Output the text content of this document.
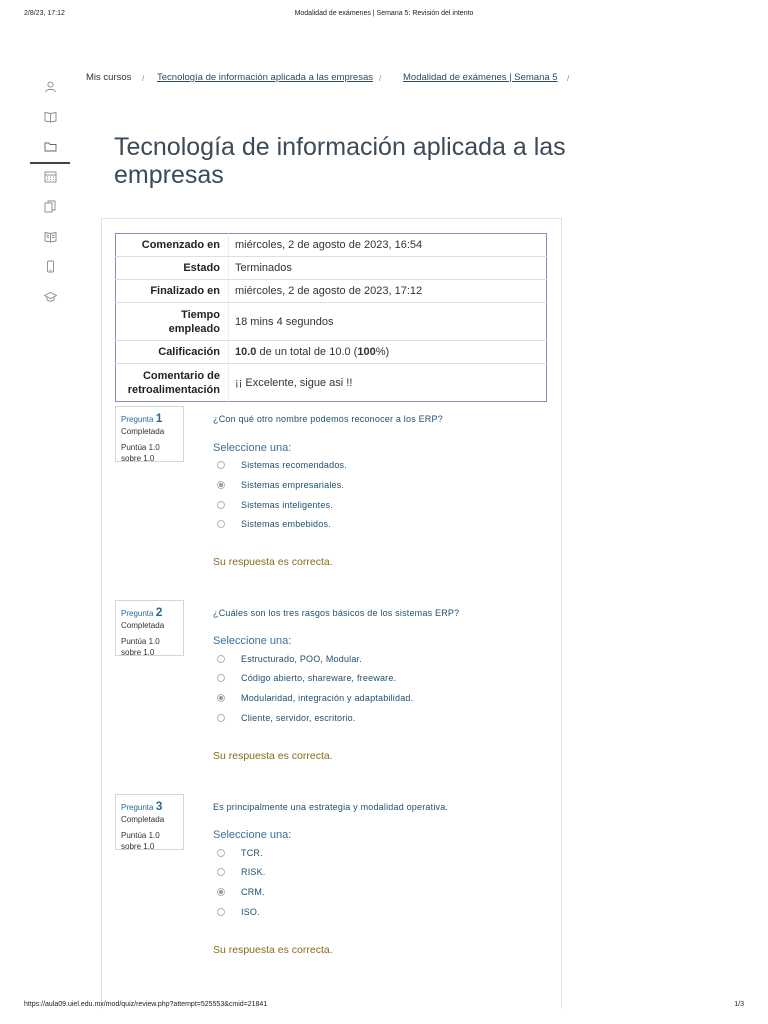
2/8/23, 17:12	Modalidad de exámenes | Semana 5: Revisión del intento
Mis cursos / Tecnología de información aplicada a las empresas / Modalidad de exámenes | Semana 5 /
Tecnología de información aplicada a las empresas
Comenzado en	miércoles, 2 de agosto de 2023, 16:54
Estado	Terminados
Finalizado en	miércoles, 2 de agosto de 2023, 17:12
Tiempo
empleado	18 mins 4 segundos
Calificación	10.0 de un total de 10.0 (100%)
Comentario de
retroalimentación	¡¡ Excelente, sigue asi !!
Pregunta 1
Completada
Puntúa 1.0
sobre 1.0
¿Con qué otro nombre podemos reconocer a los ERP?
Seleccione una:
Sistemas recomendados.
Sistemas empresariales.
Sistemas inteligentes.
Sistemas embebidos.
Su respuesta es correcta.
Pregunta 2
Completada
Puntúa 1.0
sobre 1.0
¿Cuáles son los tres rasgos básicos de los sistemas ERP?
Seleccione una:
Estructurado, POO, Modular.
Código abierto, shareware, freeware.
Modularidad, integración y adaptabilidad.
Cliente, servidor, escritorio.
Su respuesta es correcta.
Pregunta 3
Completada
Puntúa 1.0
sobre 1.0
Es principalmente una estrategia y modalidad operativa.
Seleccione una:
TCR.
RISK.
CRM.
ISO.
Su respuesta es correcta.
https://aula09.uiel.edu.mx/mod/quiz/review.php?attempt=525553&cmid=21841	1/3
